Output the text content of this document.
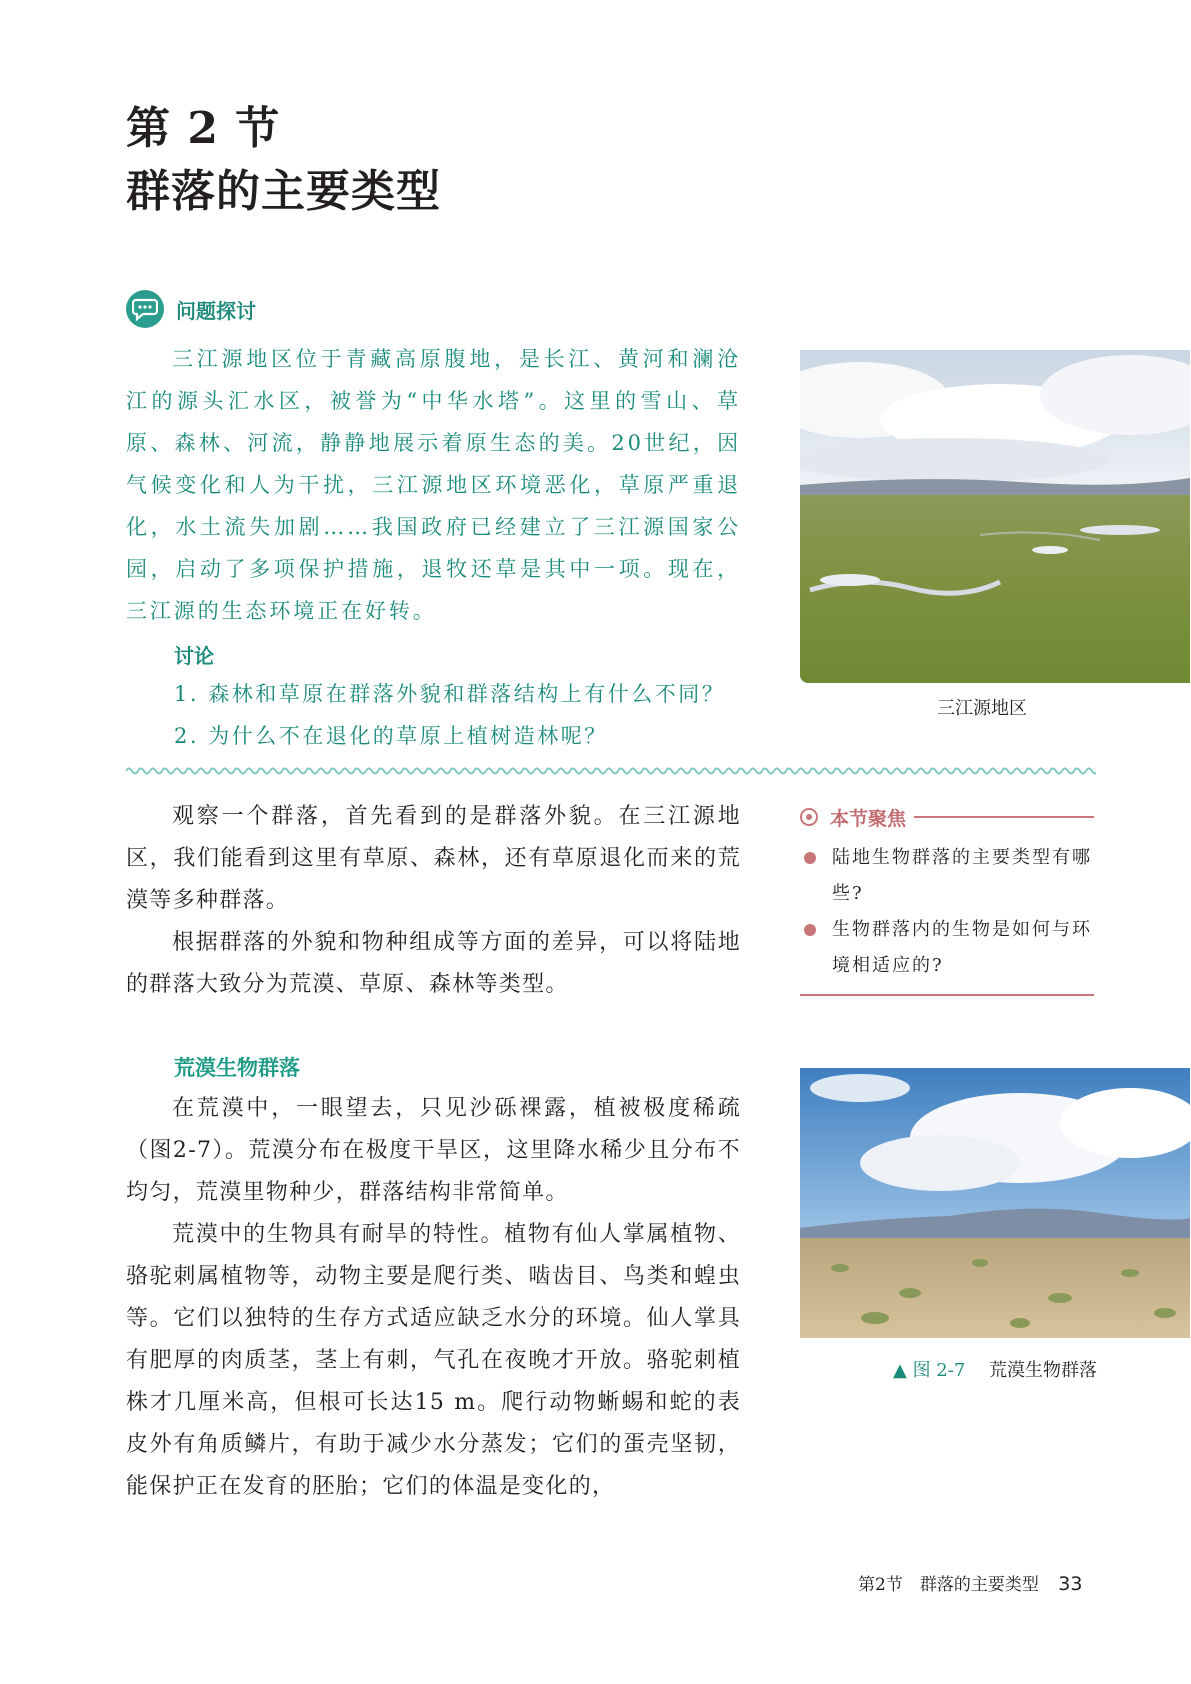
第 2 节
群落的主要类型
问题探讨

三江源地区位于青藏高原腹地，是长江、黄河和澜沧江的源头汇水区，被誉为“中华水塔”。这里的雪山、草原、森林、河流，静静地展示着原生态的美。20世纪，因气候变化和人为干扰，三江源地区环境恶化，草原严重退化，水土流失加剧……我国政府已经建立了三江源国家公园，启动了多项保护措施，退牧还草是其中一项。现在，三江源的生态环境正在好转。

讨论
1. 森林和草原在群落外貌和群落结构上有什么不同？
2. 为什么不在退化的草原上植树造林呢？
三江源地区

观察一个群落，首先看到的是群落外貌。在三江源地区，我们能看到这里有草原、森林，还有草原退化而来的荒漠等多种群落。

根据群落的外貌和物种组成等方面的差异，可以将陆地的群落大致分为荒漠、草原、森林等类型。

荒漠生物群落

在荒漠中，一眼望去，只见沙砾裸露，植被极度稀疏（图2-7）。荒漠分布在极度干旱区，这里降水稀少且分布不均匀，荒漠里物种少，群落结构非常简单。

荒漠中的生物具有耐旱的特性。植物有仙人掌属植物、骆驼刺属植物等，动物主要是爬行类、啮齿目、鸟类和蝗虫等。它们以独特的生存方式适应缺乏水分的环境。仙人掌具有肥厚的肉质茎，茎上有刺，气孔在夜晚才开放。骆驼刺植株才几厘米高，但根可长达15 m。爬行动物蜥蜴和蛇的表皮外有角质鳞片，有助于减少水分蒸发；它们的蛋壳坚韧，能保护正在发育的胚胎；它们的体温是变化的，

本节聚焦
陆地生物群落的主要类型有哪些?
生物群落内的生物是如何与环境相适应的?
▲ 图 2-7 荒漠生物群落
第2节　群落的主要类型 33
